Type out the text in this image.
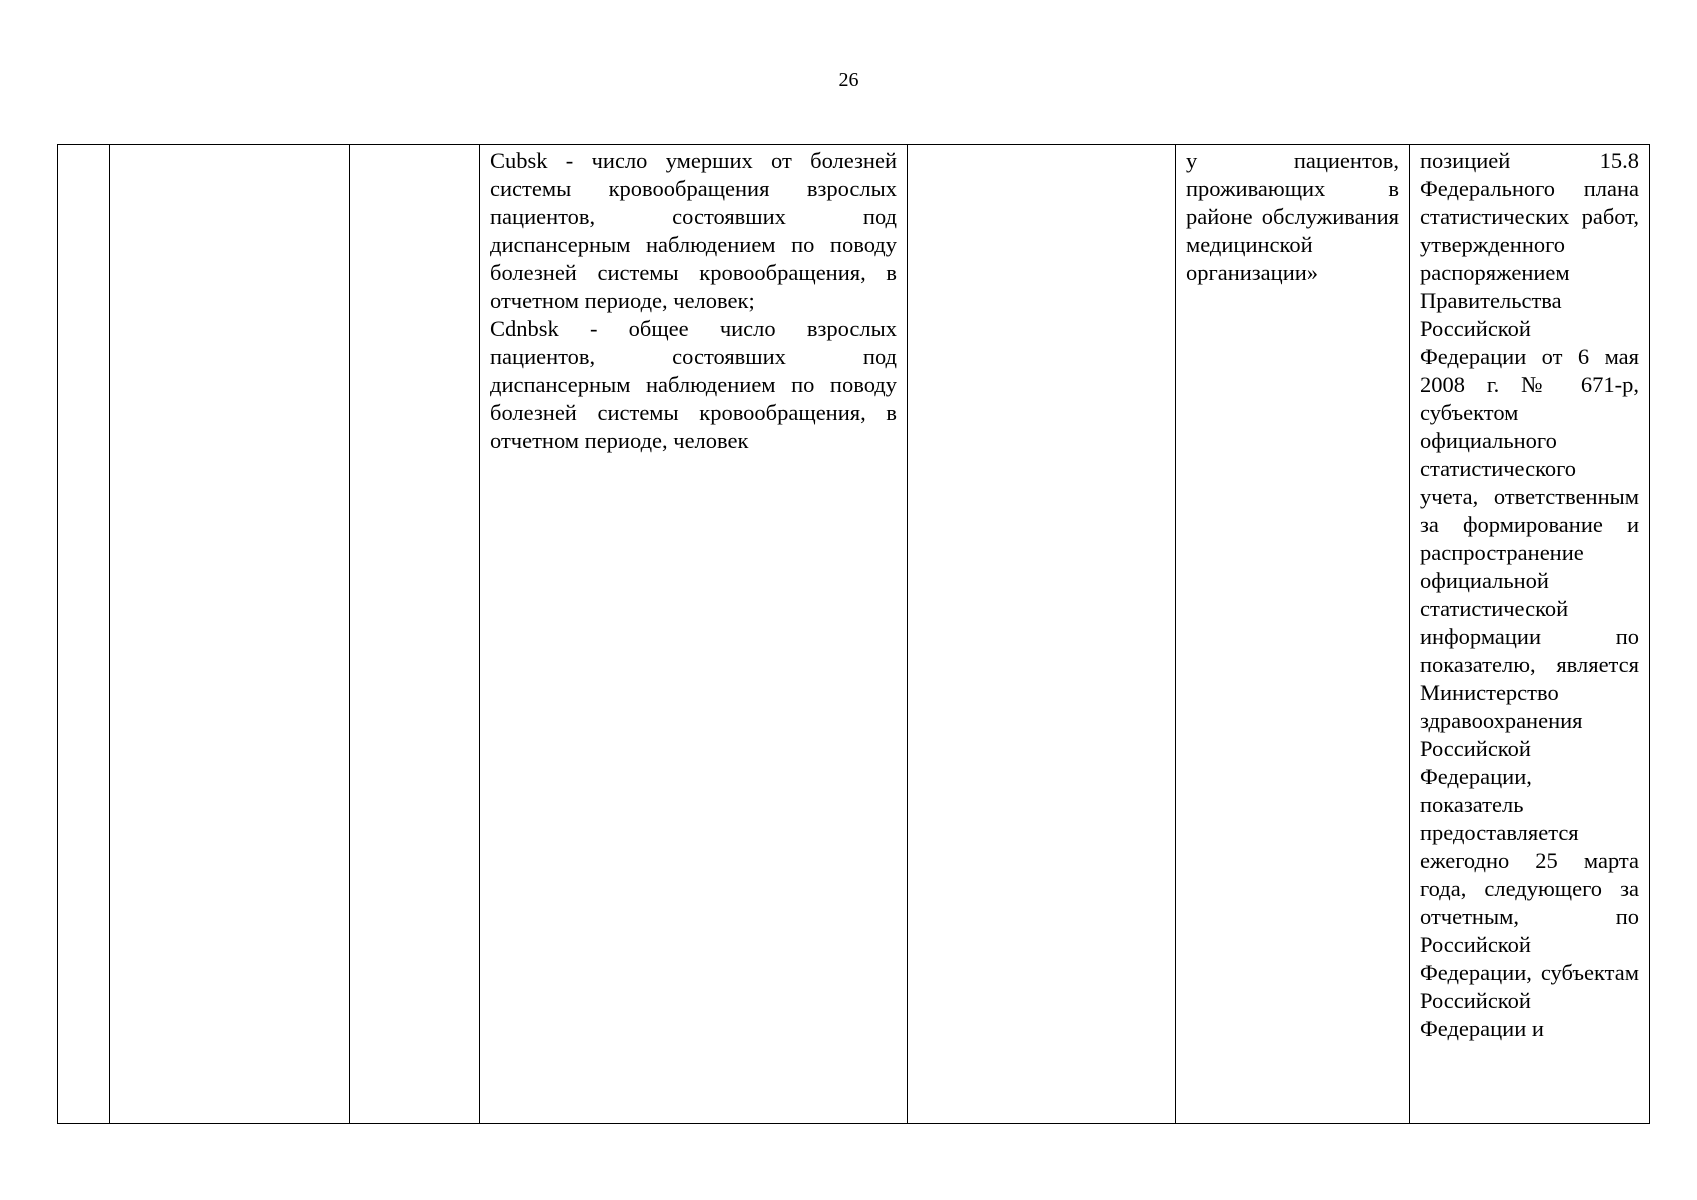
26

Cubsk - число умерших от болезней системы кровообращения взрослых пациентов, состоявших под диспансерным наблюдением по поводу болезней системы кровообращения, в отчетном периоде, человек;
Cdnbsk - общее число взрослых пациентов, состоявших под диспансерным наблюдением по поводу болезней системы кровообращения, в отчетном периоде, человек

у пациентов, проживающих в районе обслуживания медицинской организации»

позицией 15.8 Федерального плана статистических работ, утвержденного распоряжением Правительства Российской Федерации от 6 мая 2008 г. № 671-р, субъектом официального статистического учета, ответственным за формирование и распространение официальной статистической информации по показателю, является Министерство здравоохранения Российской Федерации, показатель предоставляется ежегодно 25 марта года, следующего за отчетным, по Российской Федерации, субъектам Российской Федерации и
